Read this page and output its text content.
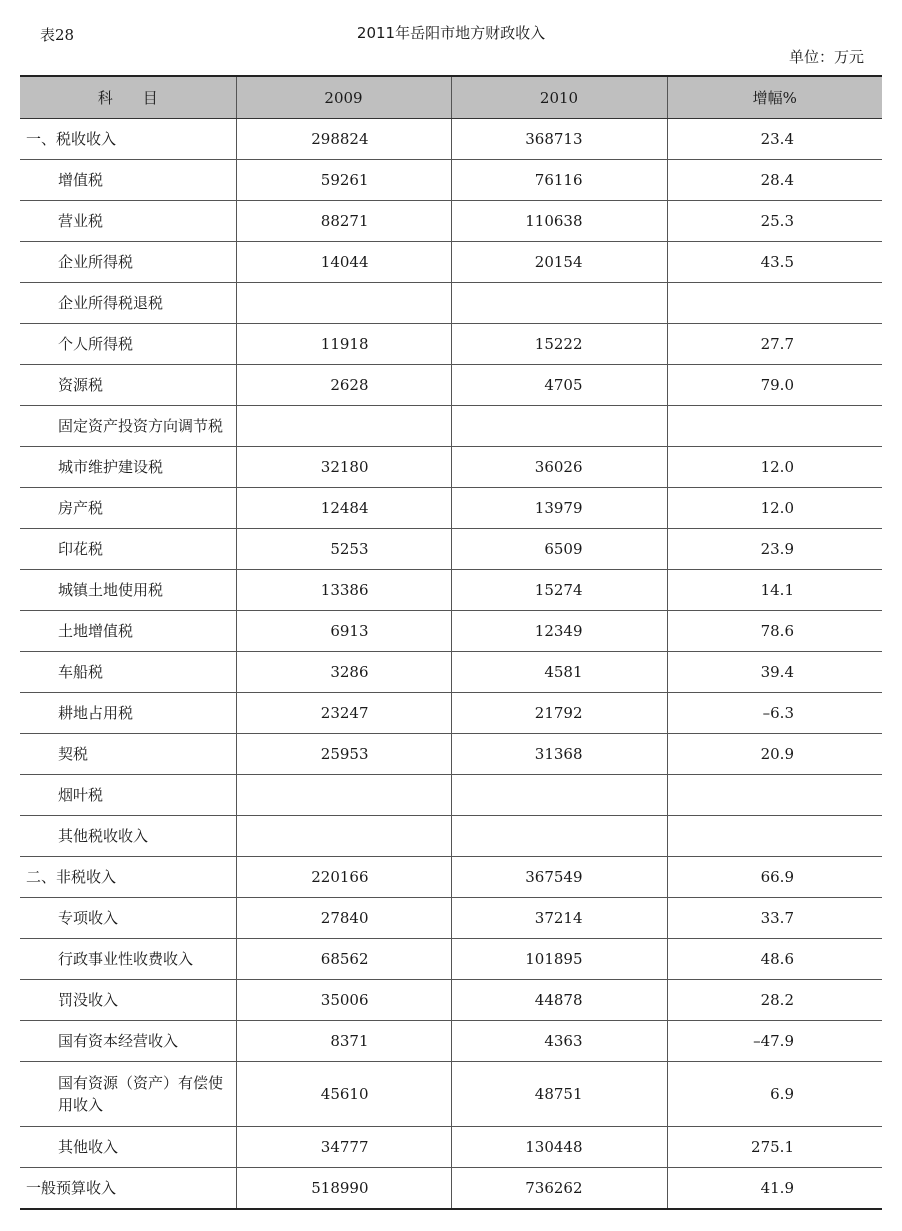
表28	2011年岳阳市地方财政收入
单位：万元
科　　目	2009	2010	增幅%
一、税收收入	298824	368713	23.4
增值税	59261	76116	28.4
营业税	88271	110638	25.3
企业所得税	14044	20154	43.5
企业所得税退税			
个人所得税	11918	15222	27.7
资源税	2628	4705	79.0
固定资产投资方向调节税			
城市维护建设税	32180	36026	12.0
房产税	12484	13979	12.0
印花税	5253	6509	23.9
城镇土地使用税	13386	15274	14.1
土地增值税	6913	12349	78.6
车船税	3286	4581	39.4
耕地占用税	23247	21792	–6.3
契税	25953	31368	20.9
烟叶税			
其他税收收入			
二、非税收入	220166	367549	66.9
专项收入	27840	37214	33.7
行政事业性收费收入	68562	101895	48.6
罚没收入	35006	44878	28.2
国有资本经营收入	8371	4363	–47.9
国有资源（资产）有偿使用收入	45610	48751	6.9
其他收入	34777	130448	275.1
一般预算收入	518990	736262	41.9
